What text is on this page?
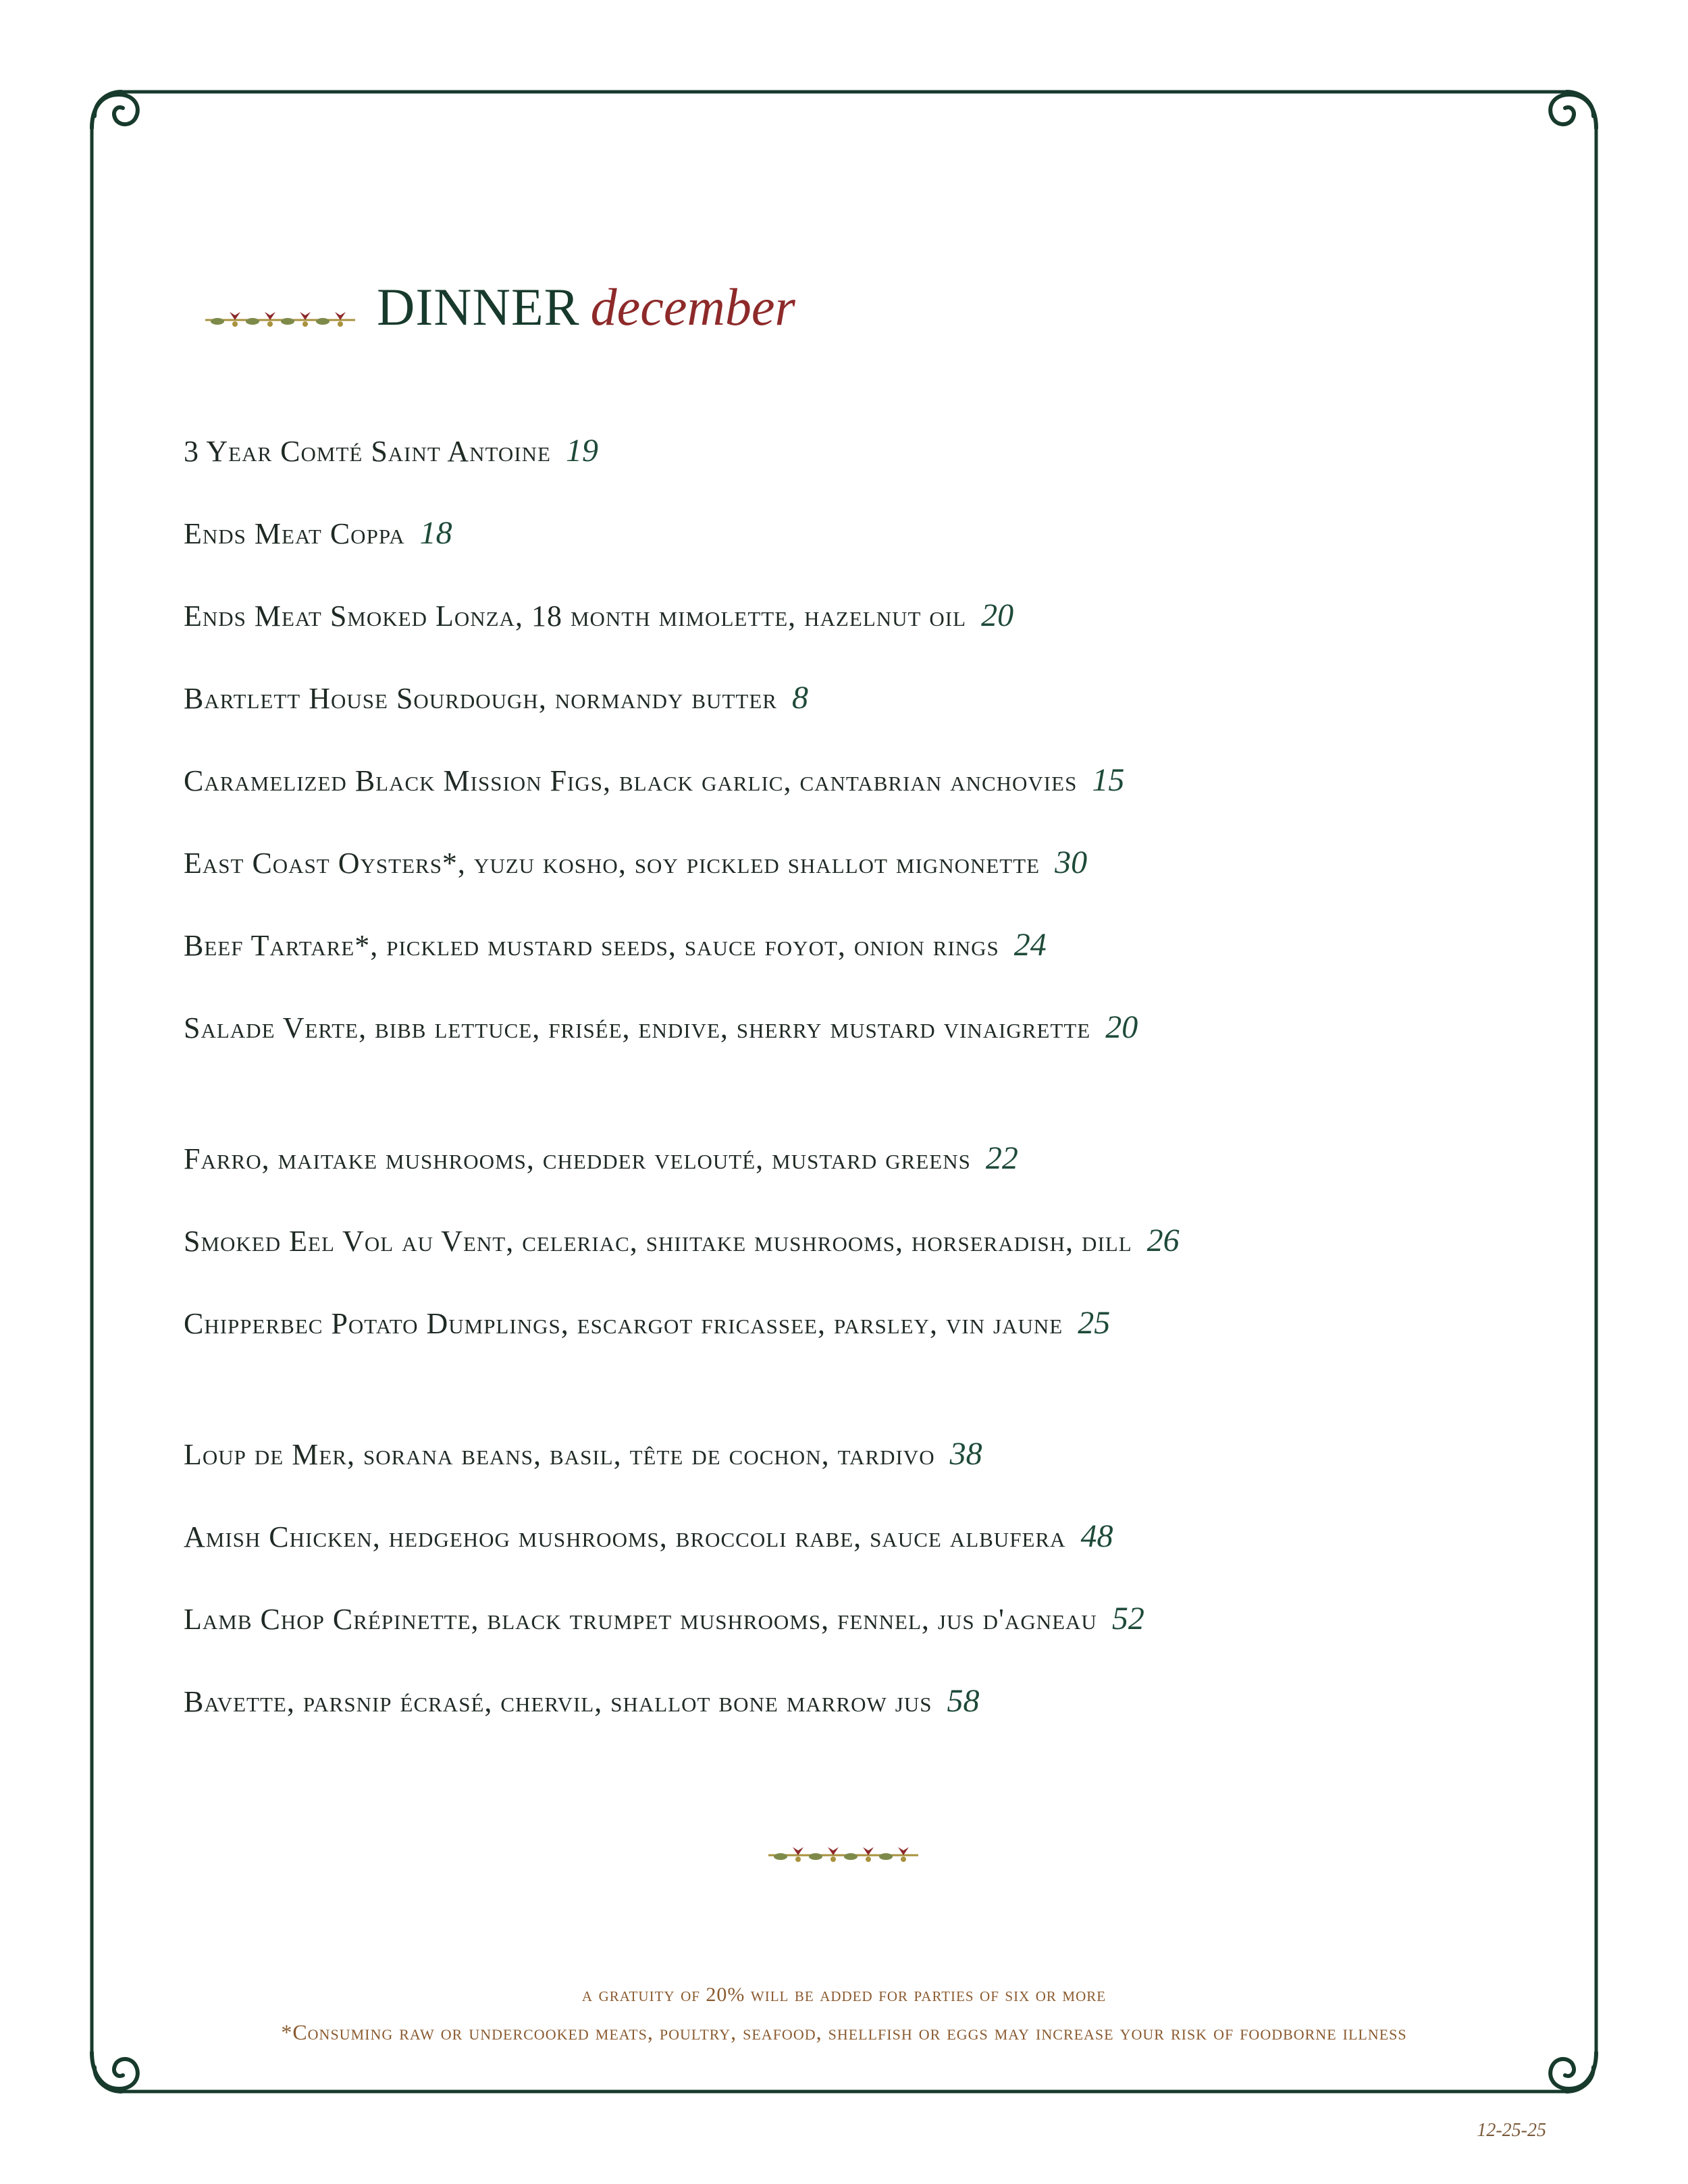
DINNER december
3 Year Comté Saint Antoine 19
Ends Meat Coppa 18
Ends Meat Smoked Lonza, 18 month mimolette, hazelnut oil 20
Bartlett House Sourdough, normandy butter 8
Caramelized Black Mission Figs, black garlic, cantabrian anchovies 15
East Coast Oysters*, yuzu kosho, soy pickled shallot mignonette 30
Beef Tartare*, pickled mustard seeds, sauce foyot, onion rings 24
Salade Verte, bibb lettuce, frisée, endive, sherry mustard vinaigrette 20
Farro, maitake mushrooms, chedder velouté, mustard greens 22
Smoked Eel Vol au Vent, celeriac, shiitake mushrooms, horseradish, dill 26
Chipperbec Potato Dumplings, escargot fricassee, parsley, vin jaune 25
Loup de Mer, sorana beans, basil, tête de cochon, tardivo 38
Amish Chicken, hedgehog mushrooms, broccoli rabe, sauce albufera 48
Lamb Chop Crépinette, black trumpet mushrooms, fennel, jus d'agneau 52
Bavette, parsnip écrasé, chervil, shallot bone marrow jus 58
a gratuity of 20% will be added for parties of six or more
*Consuming raw or undercooked meats, poultry, seafood, shellfish or eggs may increase your risk of foodborne illness
12-25-25
